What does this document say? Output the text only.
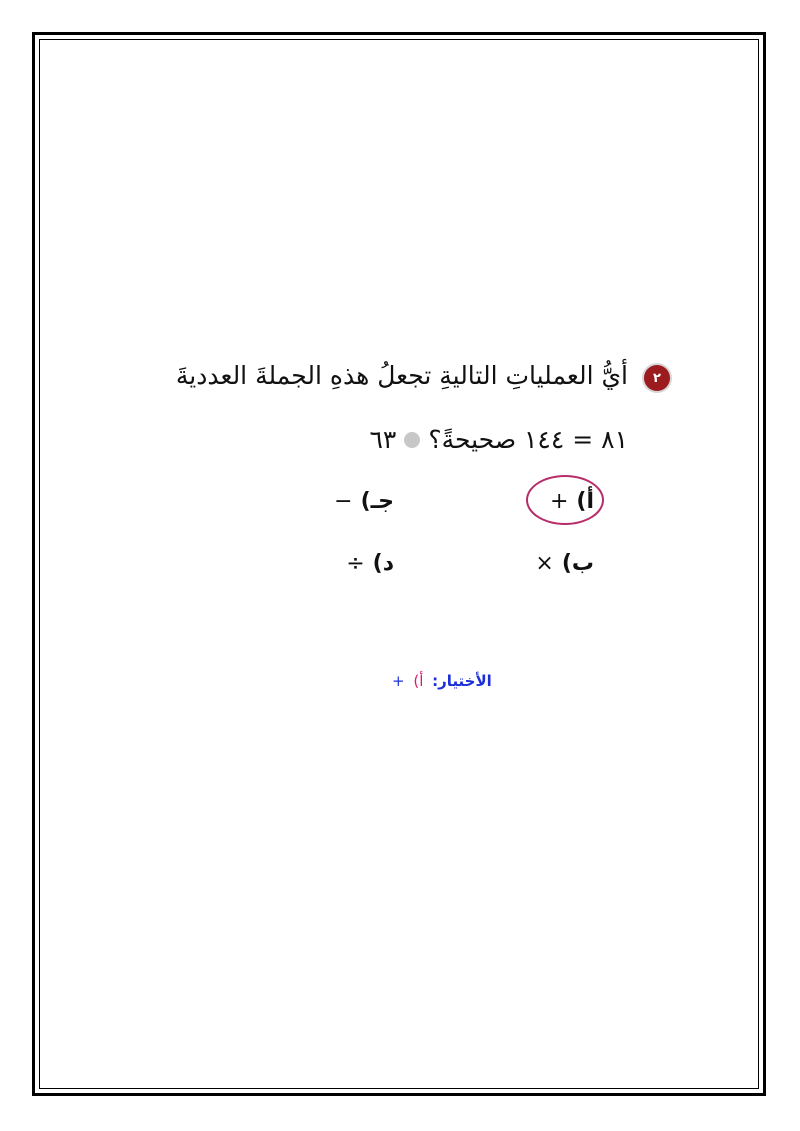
٢
أيُّ العملياتِ التاليةِ تجعلُ هذهِ الجملةَ العدديةَ
٨١ = ١٤٤ صحيحةً؟
٦٣
أ)+
ب)×
جـ)−
د)÷
الأختيار: أ) +
